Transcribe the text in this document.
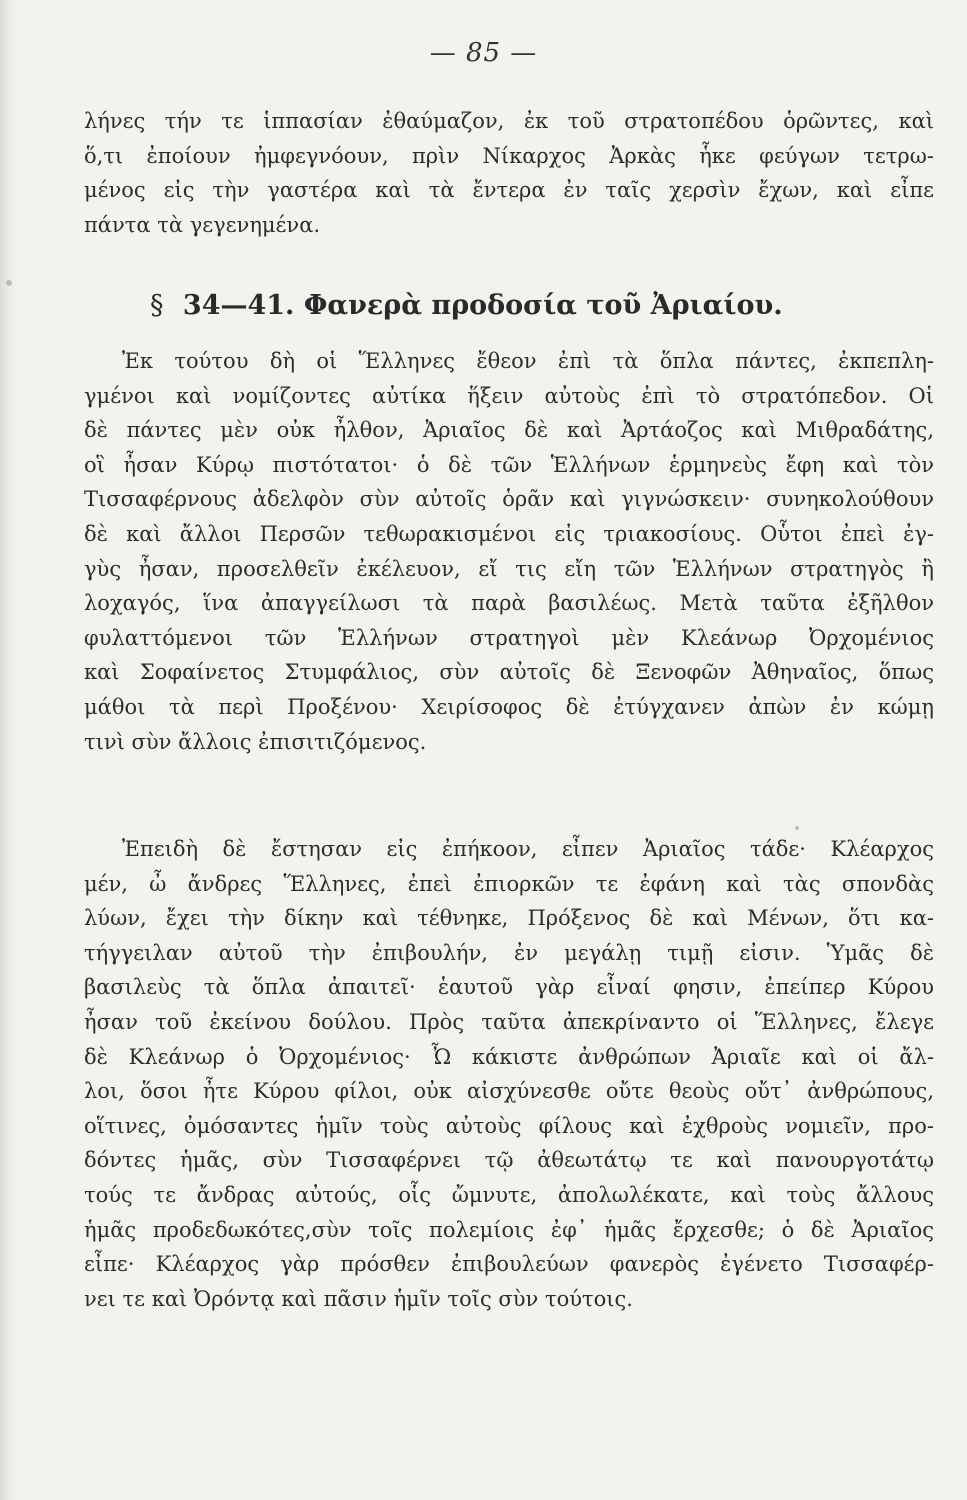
— 85 —
λήνες τήν τε ἱππασίαν ἐθαύμαζον, ἐκ τοῦ στρατοπέδου ὁρῶντες, καὶ
ὅ,τι ἐποίουν ἠμφεγνόουν, πρὶν Νίκαρχος Ἀρκὰς ἧκε φεύγων τετρω-
μένος εἰς τὴν γαστέρα καὶ τὰ ἔντερα ἐν ταῖς χερσὶν ἔχων, καὶ εἶπε
πάντα τὰ γεγενημένα.
§ 34—41. Φανερὰ προδοσία τοῦ Ἀριαίου.
Ἐκ τούτου δὴ οἱ Ἕλληνες ἔθεον ἐπὶ τὰ ὅπλα πάντες, ἐκπεπλη-
γμένοι καὶ νομίζοντες αὐτίκα ἥξειν αὐτοὺς ἐπὶ τὸ στρατόπεδον. Οἱ
δὲ πάντες μὲν οὐκ ἦλθον, Ἀριαῖος δὲ καὶ Ἀρτάοζος καὶ Μιθραδάτης,
οἳ ἦσαν Κύρῳ πιστότατοι· ὁ δὲ τῶν Ἑλλήνων ἑρμηνεὺς ἔφη καὶ τὸν
Τισσαφέρνους ἀδελφὸν σὺν αὐτοῖς ὁρᾶν καὶ γιγνώσκειν· συνηκολούθουν
δὲ καὶ ἄλλοι Περσῶν τεθωρακισμένοι εἰς τριακοσίους. Οὗτοι ἐπεὶ ἐγ-
γὺς ἦσαν, προσελθεῖν ἐκέλευον, εἴ τις εἴη τῶν Ἑλλήνων στρατηγὸς ἢ
λοχαγός, ἵνα ἀπαγγείλωσι τὰ παρὰ βασιλέως. Μετὰ ταῦτα ἐξῆλθον
φυλαττόμενοι τῶν Ἑλλήνων στρατηγοὶ μὲν Κλεάνωρ Ὀρχομένιος
καὶ Σοφαίνετος Στυμφάλιος, σὺν αὐτοῖς δὲ Ξενοφῶν Ἀθηναῖος, ὅπως
μάθοι τὰ περὶ Προξένου· Χειρίσοφος δὲ ἐτύγχανεν ἀπὼν ἐν κώμῃ
τινὶ σὺν ἄλλοις ἐπισιτιζόμενος.
Ἐπειδὴ δὲ ἔστησαν εἰς ἐπήκοον, εἶπεν Ἀριαῖος τάδε· Κλέαρχος
μέν, ὦ ἄνδρες Ἕλληνες, ἐπεὶ ἐπιορκῶν τε ἐφάνη καὶ τὰς σπονδὰς
λύων, ἔχει τὴν δίκην καὶ τέθνηκε, Πρόξενος δὲ καὶ Μένων, ὅτι κα-
τήγγειλαν αὐτοῦ τὴν ἐπιβουλήν, ἐν μεγάλῃ τιμῇ εἰσιν. Ὑμᾶς δὲ
βασιλεὺς τὰ ὅπλα ἀπαιτεῖ· ἑαυτοῦ γὰρ εἶναί φησιν, ἐπείπερ Κύρου
ἦσαν τοῦ ἐκείνου δούλου. Πρὸς ταῦτα ἀπεκρίναντο οἱ Ἕλληνες, ἔλεγε
δὲ Κλεάνωρ ὁ Ὀρχομένιος· Ὦ κάκιστε ἀνθρώπων Ἀριαῖε καὶ οἱ ἄλ-
λοι, ὅσοι ἦτε Κύρου φίλοι, οὐκ αἰσχύνεσθε οὔτε θεοὺς οὔτ᾽ ἀνθρώπους,
οἵτινες, ὀμόσαντες ἡμῖν τοὺς αὐτοὺς φίλους καὶ ἐχθροὺς νομιεῖν, προ-
δόντες ἡμᾶς, σὺν Τισσαφέρνει τῷ ἀθεωτάτῳ τε καὶ πανουργοτάτῳ
τούς τε ἄνδρας αὐτούς, οἷς ὤμνυτε, ἀπολωλέκατε, καὶ τοὺς ἄλλους
ἡμᾶς προδεδωκότες,σὺν τοῖς πολεμίοις ἐφ᾽ ἡμᾶς ἔρχεσθε; ὁ δὲ Ἀριαῖος
εἶπε· Κλέαρχος γὰρ πρόσθεν ἐπιβουλεύων φανερὸς ἐγένετο Τισσαφέρ-
νει τε καὶ Ὀρόντᾳ καὶ πᾶσιν ἡμῖν τοῖς σὺν τούτοις.
